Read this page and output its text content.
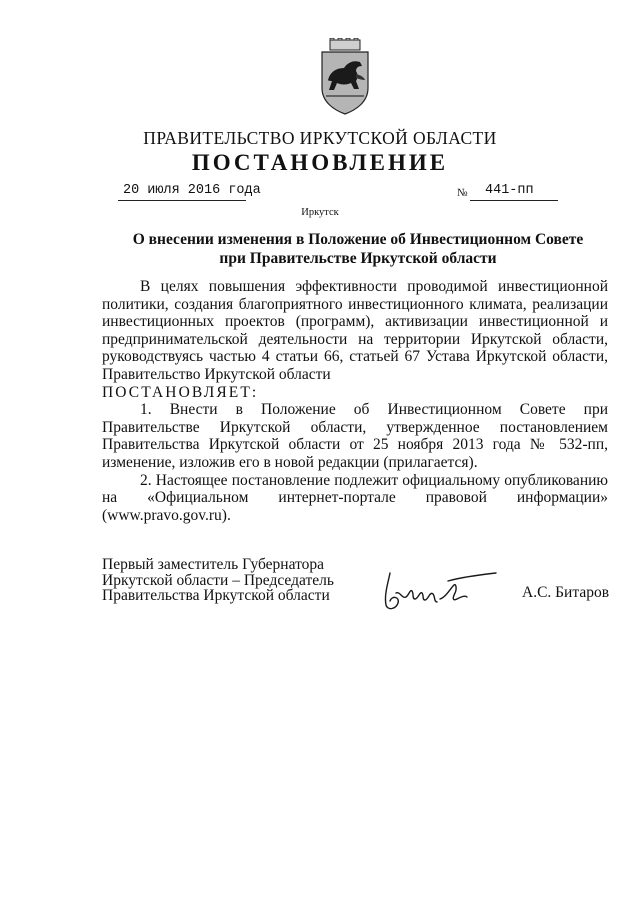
ПРАВИТЕЛЬСТВО ИРКУТСКОЙ ОБЛАСТИ
ПОСТАНОВЛЕНИЕ
20 июля 2016 года	№ 441-пп
Иркутск
О внесении изменения в Положение об Инвестиционном Совете при Правительстве Иркутской области

В целях повышения эффективности проводимой инвестиционной политики, создания благоприятного инвестиционного климата, реализации инвестиционных проектов (программ), активизации инвестиционной и предпринимательской деятельности на территории Иркутской области, руководствуясь частью 4 статьи 66, статьей 67 Устава Иркутской области, Правительство Иркутской области

ПОСТАНОВЛЯЕТ:

1. Внести в Положение об Инвестиционном Совете при Правительстве Иркутской области, утвержденное постановлением Правительства Иркутской области от 25 ноября 2013 года № 532-пп, изменение, изложив его в новой редакции (прилагается).

2. Настоящее постановление подлежит официальному опубликованию на «Официальном интернет-портале правовой информации» (www.pravo.gov.ru).

Первый заместитель Губернатора
Иркутской области – Председатель
Правительства Иркутской области	А.С. Битаров
